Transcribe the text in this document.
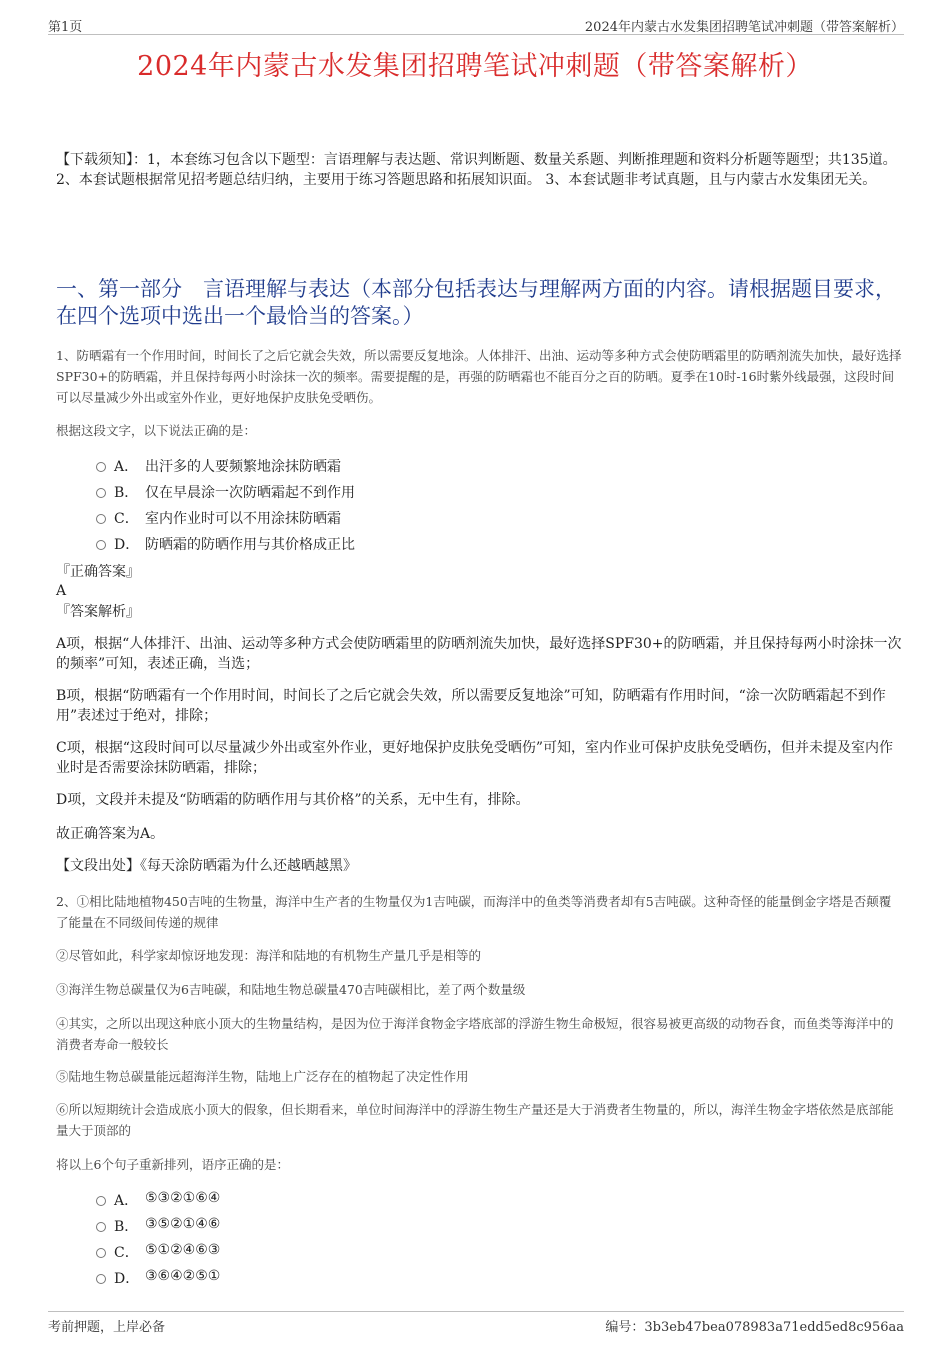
第1页	2024年内蒙古水发集团招聘笔试冲刺题（带答案解析）
2024年内蒙古水发集团招聘笔试冲刺题（带答案解析）
【下载须知】：1，本套练习包含以下题型：言语理解与表达题、常识判断题、数量关系题、判断推理题和资料分析题等题型；共135道。 2、本套试题根据常见招考题总结归纳，主要用于练习答题思路和拓展知识面。 3、本套试题非考试真题，且与内蒙古水发集团无关。
一、第一部分　言语理解与表达（本部分包括表达与理解两方面的内容。请根据题目要求，在四个选项中选出一个最恰当的答案。）
1、防晒霜有一个作用时间，时间长了之后它就会失效，所以需要反复地涂。人体排汗、出油、运动等多种方式会使防晒霜里的防晒剂流失加快，最好选择SPF30+的防晒霜，并且保持每两小时涂抹一次的频率。需要提醒的是，再强的防晒霜也不能百分之百的防晒。夏季在10时-16时紫外线最强，这段时间可以尽量减少外出或室外作业，更好地保护皮肤免受晒伤。
根据这段文字，以下说法正确的是：
A． 出汗多的人要频繁地涂抹防晒霜
B． 仅在早晨涂一次防晒霜起不到作用
C． 室内作业时可以不用涂抹防晒霜
D． 防晒霜的防晒作用与其价格成正比
『正确答案』
A
『答案解析』
A项，根据“人体排汗、出油、运动等多种方式会使防晒霜里的防晒剂流失加快，最好选择SPF30+的防晒霜，并且保持每两小时涂抹一次的频率”可知，表述正确，当选；
B项，根据“防晒霜有一个作用时间，时间长了之后它就会失效，所以需要反复地涂”可知，防晒霜有作用时间，“涂一次防晒霜起不到作用”表述过于绝对，排除；
C项，根据“这段时间可以尽量减少外出或室外作业，更好地保护皮肤免受晒伤”可知，室内作业可保护皮肤免受晒伤，但并未提及室内作业时是否需要涂抹防晒霜，排除；
D项，文段并未提及“防晒霜的防晒作用与其价格”的关系，无中生有，排除。
故正确答案为A。
【文段出处】《每天涂防晒霜为什么还越晒越黑》
2、①相比陆地植物450吉吨的生物量，海洋中生产者的生物量仅为1吉吨碳，而海洋中的鱼类等消费者却有5吉吨碳。这种奇怪的能量倒金字塔是否颠覆了能量在不同级间传递的规律
②尽管如此，科学家却惊讶地发现：海洋和陆地的有机物生产量几乎是相等的
③海洋生物总碳量仅为6吉吨碳，和陆地生物总碳量470吉吨碳相比，差了两个数量级
④其实，之所以出现这种底小顶大的生物量结构，是因为位于海洋食物金字塔底部的浮游生物生命极短，很容易被更高级的动物吞食，而鱼类等海洋中的消费者寿命一般较长
⑤陆地生物总碳量能远超海洋生物，陆地上广泛存在的植物起了决定性作用
⑥所以短期统计会造成底小顶大的假象，但长期看来，单位时间海洋中的浮游生物生产量还是大于消费者生物量的，所以，海洋生物金字塔依然是底部能量大于顶部的
将以上6个句子重新排列，语序正确的是：
A． ⑤③②①⑥④
B． ③⑤②①④⑥
C． ⑤①②④⑥③
D． ③⑥④②⑤①
考前押题，上岸必备	编号：3b3eb47bea078983a71edd5ed8c956aa
